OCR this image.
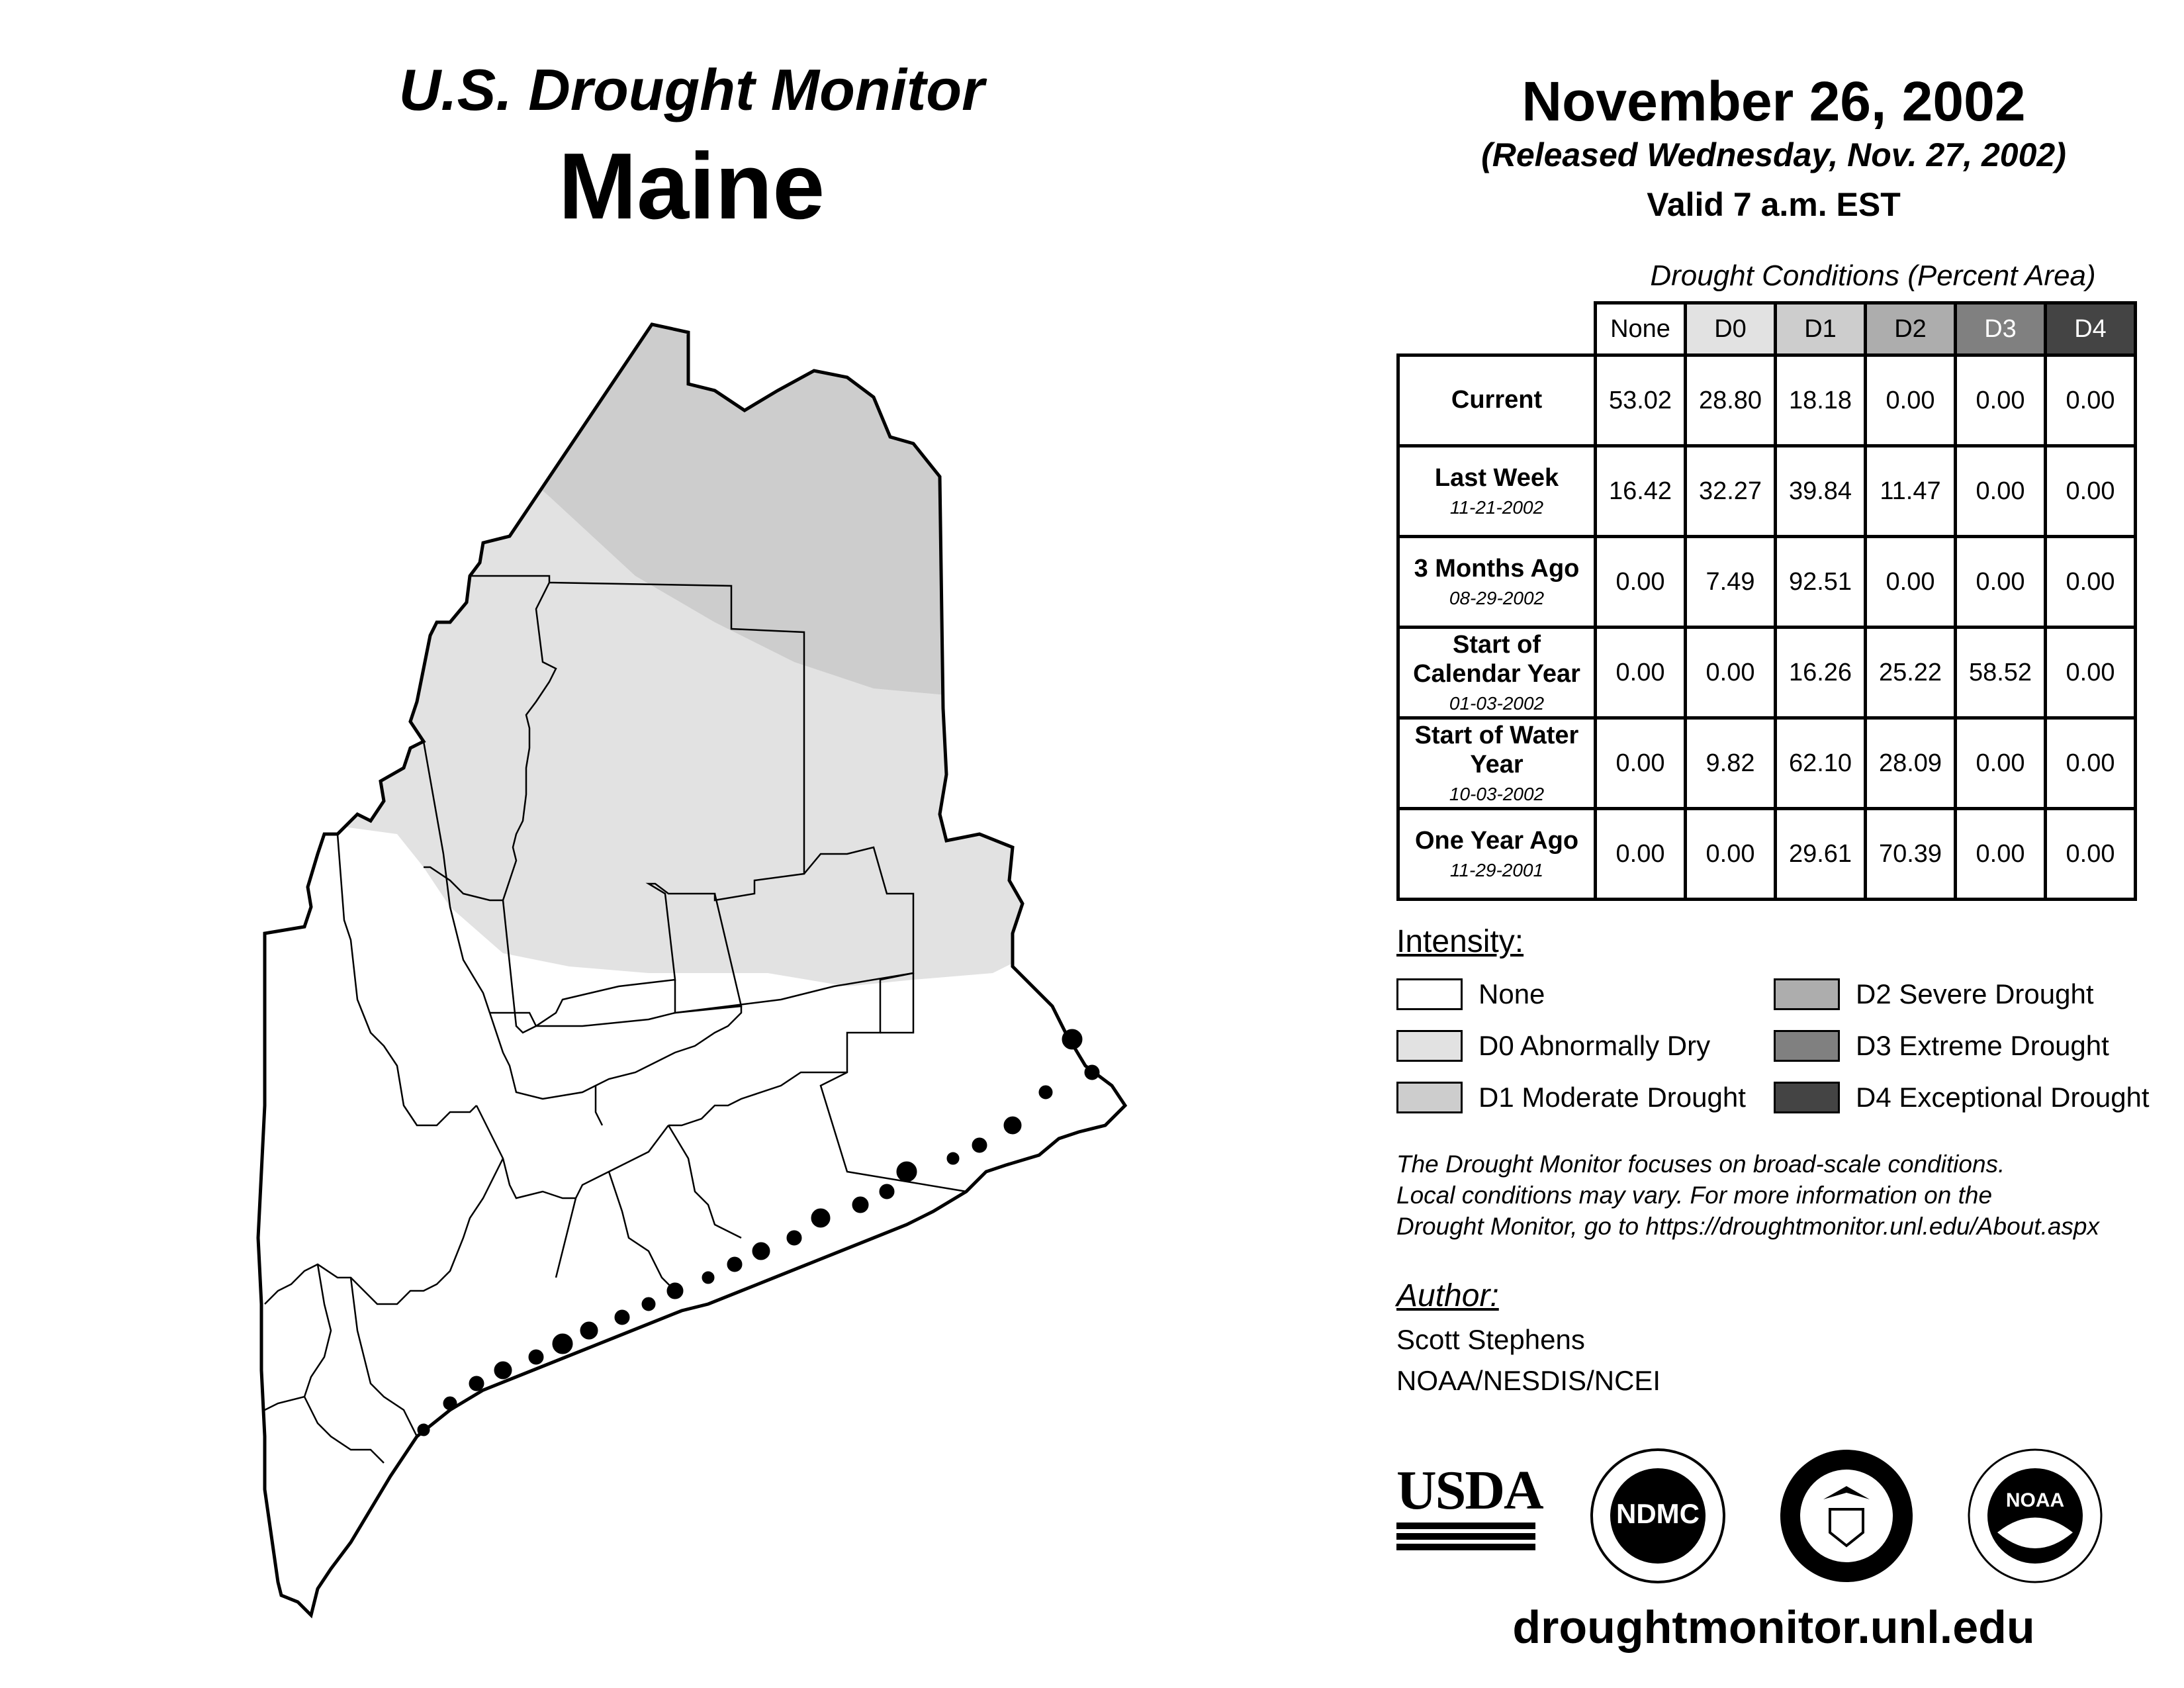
U.S. Drought Monitor
Maine
November 26, 2002
(Released Wednesday, Nov. 27, 2002)
Valid 7 a.m. EST
Drought Conditions (Percent Area)
	None	D0	D1	D2	D3	D4
Current	53.02	28.80	18.18	0.00	0.00	0.00
Last Week
11-21-2002	16.42	32.27	39.84	11.47	0.00	0.00
3 Months Ago
08-29-2002	0.00	7.49	92.51	0.00	0.00	0.00
Start of Calendar Year
01-03-2002	0.00	0.00	16.26	25.22	58.52	0.00
Start of Water Year
10-03-2002	0.00	9.82	62.10	28.09	0.00	0.00
One Year Ago
11-29-2001	0.00	0.00	29.61	70.39	0.00	0.00
Intensity:
None
D0 Abnormally Dry
D1 Moderate Drought
D2 Severe Drought
D3 Extreme Drought
D4 Exceptional Drought
The Drought Monitor focuses on broad-scale conditions.
Local conditions may vary. For more information on the
Drought Monitor, go to https://droughtmonitor.unl.edu/About.aspx
Author:
Scott Stephens
NOAA/NESDIS/NCEI
USDA	NDMC	NOAA
droughtmonitor.unl.edu
